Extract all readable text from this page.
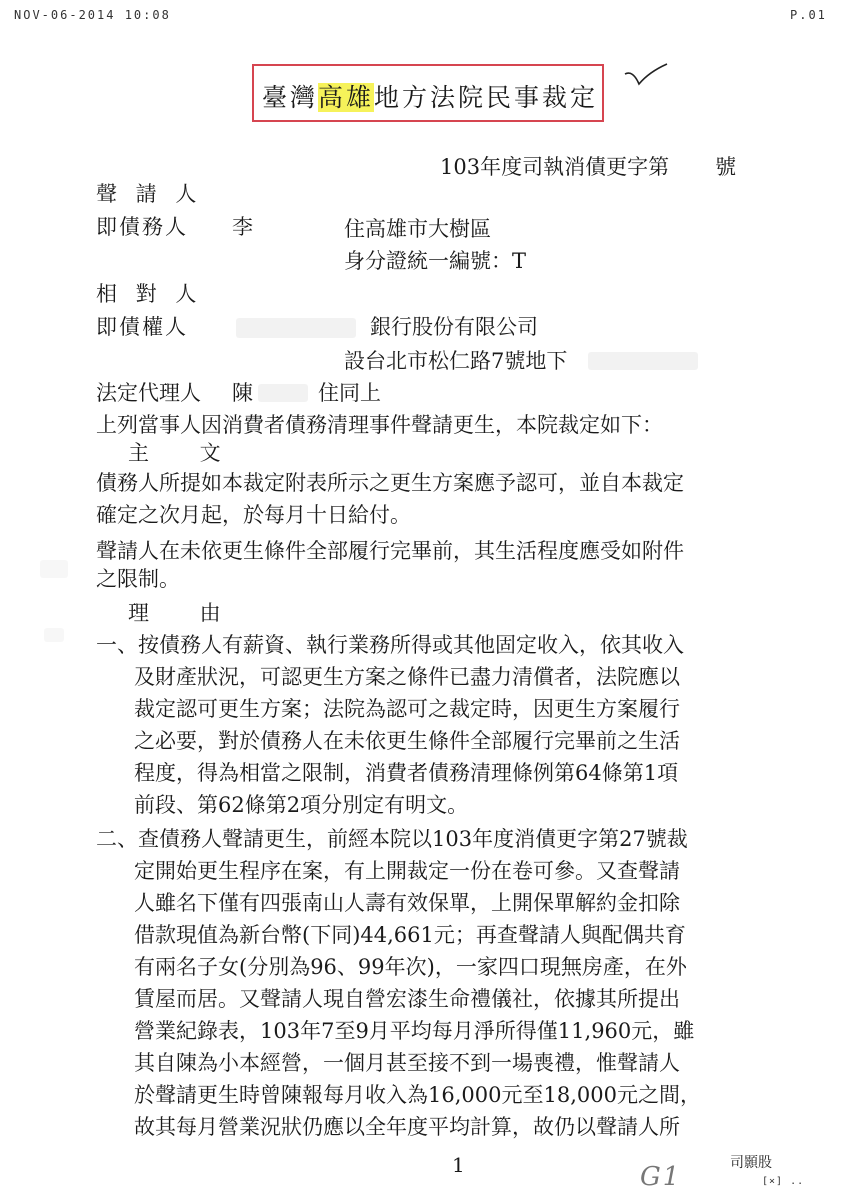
NOV-06-2014 10:08	P.01
臺灣高雄地方法院民事裁定
103年度司執消債更字第 號
聲 請 人
即債務人 李	住高雄市大樹區
身分證統一編號：T
相 對 人
即債權人	銀行股份有限公司
設台北市松仁路7號地下
法定代理人 陳	住同上
上列當事人因消費者債務清理事件聲請更生，本院裁定如下：
主 文
債務人所提如本裁定附表所示之更生方案應予認可，並自本裁定
確定之次月起，於每月十日給付。
聲請人在未依更生條件全部履行完畢前，其生活程度應受如附件
之限制。
理 由
一、按債務人有薪資、執行業務所得或其他固定收入，依其收入
及財產狀況，可認更生方案之條件已盡力清償者，法院應以
裁定認可更生方案；法院為認可之裁定時，因更生方案履行
之必要，對於債務人在未依更生條件全部履行完畢前之生活
程度，得為相當之限制，消費者債務清理條例第64條第1項
前段、第62條第2項分別定有明文。
二、查債務人聲請更生，前經本院以103年度消債更字第27號裁
定開始更生程序在案，有上開裁定一份在卷可參。又查聲請
人雖名下僅有四張南山人壽有效保單，上開保單解約金扣除
借款現值為新台幣(下同)44,661元；再查聲請人與配偶共育
有兩名子女(分別為96、99年次)，一家四口現無房產，在外
賃屋而居。又聲請人現自營宏漆生命禮儀社，依據其所提出
營業紀錄表，103年7至9月平均每月淨所得僅11,960元，雖
其自陳為小本經營，一個月甚至接不到一場喪禮，惟聲請人
於聲請更生時曾陳報每月收入為16,000元至18,000元之間，
故其每月營業況狀仍應以全年度平均計算，故仍以聲請人所
1	G1	司顥股
[×] ..
